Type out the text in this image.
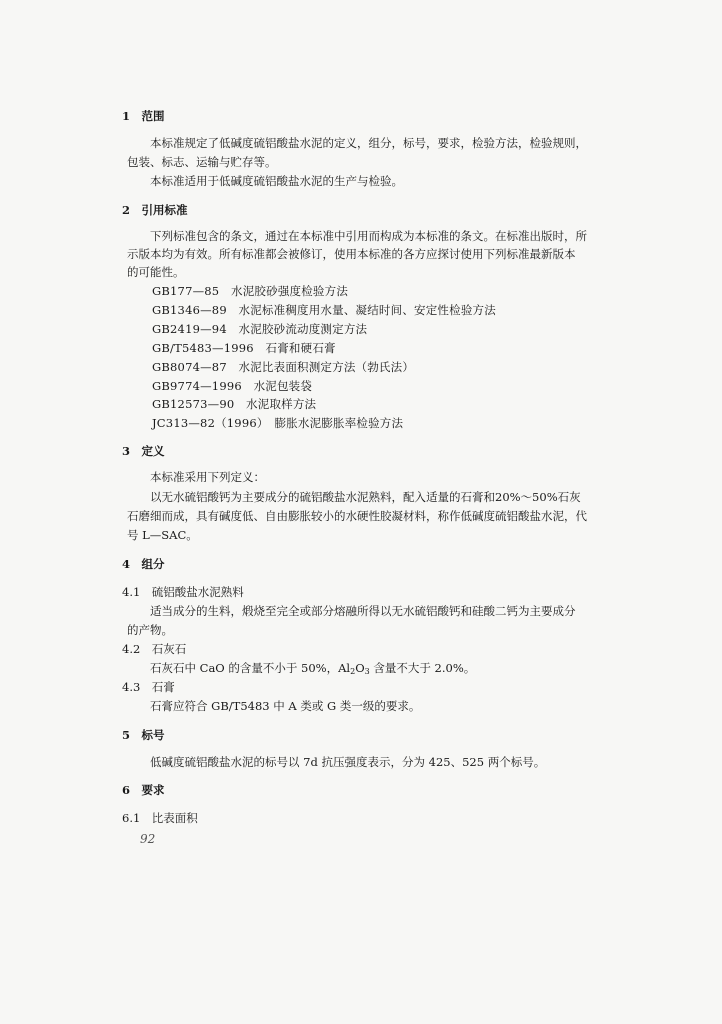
1　范围
本标准规定了低碱度硫铝酸盐水泥的定义，组分，标号，要求，检验方法，检验规则，
包装、标志、运输与贮存等。
本标准适用于低碱度硫铝酸盐水泥的生产与检验。
2　引用标准
下列标准包含的条文，通过在本标准中引用而构成为本标准的条文。在标准出版时，所
示版本均为有效。所有标准都会被修订，使用本标准的各方应探讨使用下列标准最新版本
的可能性。
GB177—85　水泥胶砂强度检验方法
GB1346—89　水泥标准稠度用水量、凝结时间、安定性检验方法
GB2419—94　水泥胶砂流动度测定方法
GB/T5483—1996　石膏和硬石膏
GB8074—87　水泥比表面积测定方法（勃氏法）
GB9774—1996　水泥包装袋
GB12573—90　水泥取样方法
JC313—82（1996）　膨胀水泥膨胀率检验方法
3　定义
本标准采用下列定义：
以无水硫铝酸钙为主要成分的硫铝酸盐水泥熟料，配入适量的石膏和20%～50%石灰
石磨细而成，具有碱度低、自由膨胀较小的水硬性胶凝材料，称作低碱度硫铝酸盐水泥，代
号 L—SAC。
4　组分
4.1　硫铝酸盐水泥熟料
适当成分的生料，煅烧至完全或部分熔融所得以无水硫铝酸钙和硅酸二钙为主要成分
的产物。
4.2　石灰石
石灰石中 CaO 的含量不小于 50%，$Al_2O_3$ 含量不大于 2.0%。
4.3　石膏
石膏应符合 GB/T5483 中 A 类或 G 类一级的要求。
5　标号
低碱度硫铝酸盐水泥的标号以 7d 抗压强度表示，分为 425、525 两个标号。
6　要求
6.1　比表面积
92
